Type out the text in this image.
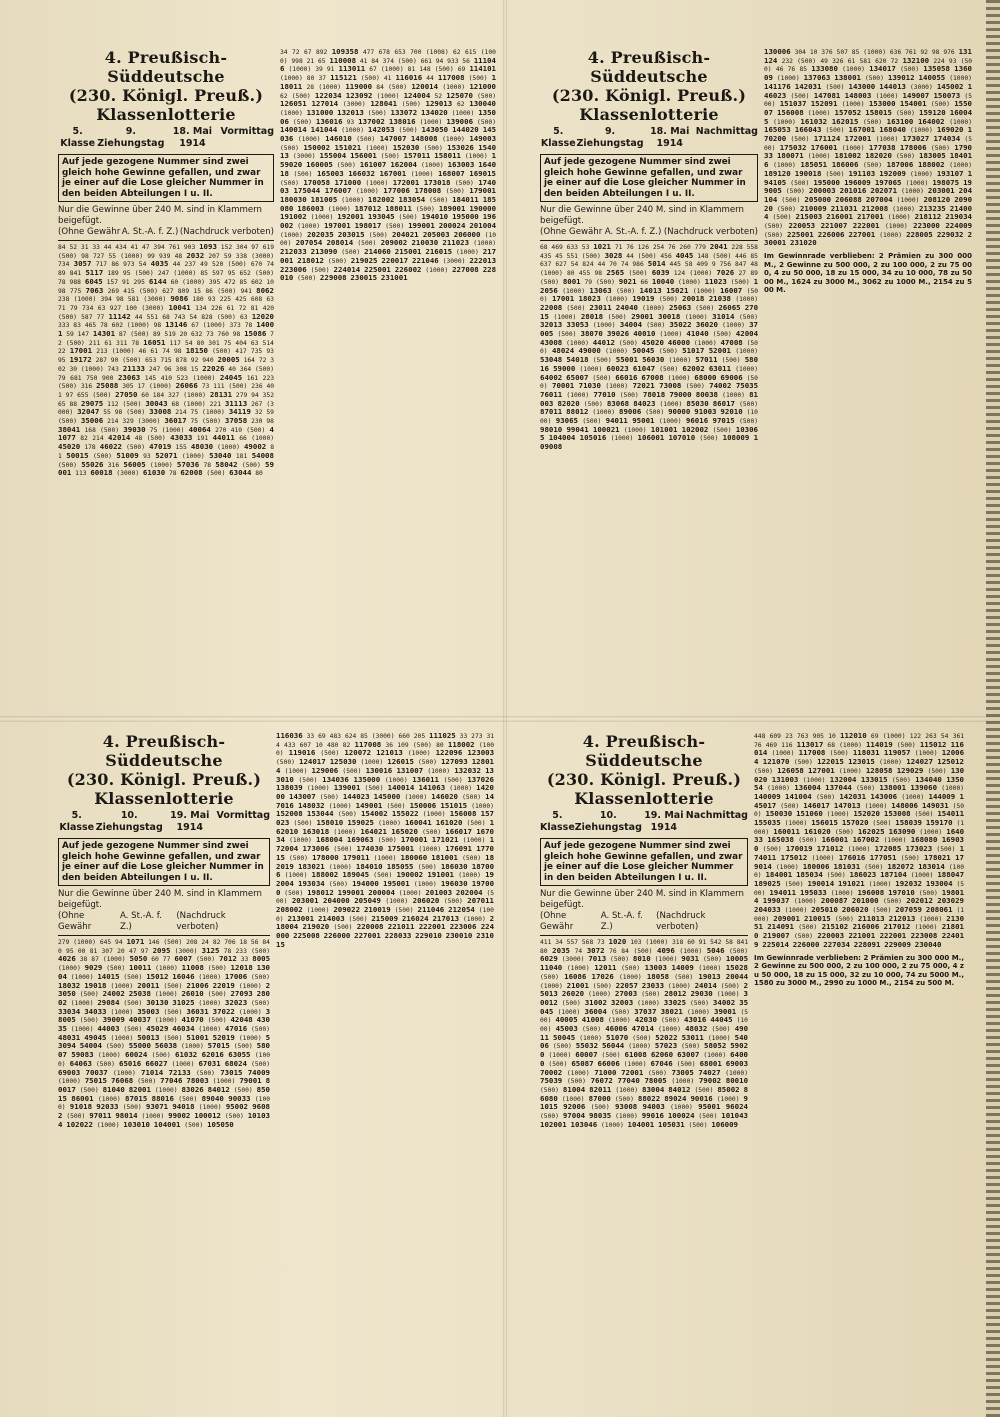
4. Preußisch-Süddeutsche

(230. Königl. Preuß.) Klassenlotterie

5. Klasse
9. Ziehungstag
18. Mai 1914
Vormittag
Auf jede gezogene Nummer sind zwei gleich hohe Gewinne gefallen, und zwar je einer auf die Lose gleicher Nummer in den beiden Abteilungen I u. II.
Nur die Gewinne über 240 M. sind in Klammern beigefügt.
(Ohne Gewähr A. St.-A. f. Z.) (Nachdruck verboten)

84 52 31 33 44 434 41 47 394 761 903 1093 152 304 97 619 (500) 98 727 55 (1000) 99 939 48 2032 207 59 338 (3000) 734 3057 717 86 973 54 4035 44 237 49 520 (500) 670 74 89 841 5117 189 95 (500) 247 (1000) 85 597 95 652 (500) 78 988 6045 157 91 295 6144 60 (1000) 395 472 85 602 10 98 775 7063 269 415 (500) 627 809 15 86 (500) 941 8062 238 (1000) 394 98 581 (3000) 9086 180 93 225 425 608 63 71 79 734 63 927 100 (3000) 10041 134 226 61 72 81 420 (500) 587 77 11142 44 551 68 743 54 828 (500) 63 12020 333 83 465 78 602 (1000) 98 13146 67 (1000) 373 78 14001 59 147 14301 87 (500) 89 519 20 632 73 760 98 15086 72 (500) 211 61 311 78 16051 117 54 80 301 75 404 63 514 22 17001 213 (1000) 46 61 74 98 18150 (500) 417 735 93 95 19172 287 90 (500) 653 715 878 92 940 20005 164 72 302 30 (1000) 743 21133 247 96 308 15 22026 40 364 (500) 79 681 750 900 23063 145 410 523 (1000) 24045 161 223 (500) 316 25088 305 17 (1000) 26066 73 111 (500) 236 401 97 655 (500) 27050 60 184 327 (1000) 28131 279 94 352 65 88 29075 112 (500) 30043 68 (1000) 221 31113 267 (3000) 32047 55 98 (500) 33008 214 75 (1000) 34119 32 59 (500) 35006 214 329 (3000) 36017 75 (500) 37058 230 98 38041 168 (500) 39030 75 (1000) 40064 270 410 (500) 41077 82 214 42014 48 (500) 43033 191 44011 66 (1000) 45020 178 46022 (500) 47019 155 48030 (1000) 49002 81 50015 (500) 51009 93 52071 (1000) 53040 181 54008 (500) 55026 316 56005 (1000) 57036 78 58042 (500) 59001 113 60018 (3000) 61030 78 62008 (500) 63044 80

34 72 67 892 109358 477 678 653 700 (1008) 62 615 (1000) 998 21 65 110008 41 84 374 (500) 661 94 933 56 111046 (1000) 39 91 113011 67 (1000) 81 148 (500) 69 114101 (1000) 80 37 115121 (500) 41 116016 44 117008 (500) 118011 28 (1000) 119000 84 (500) 120014 (1000) 121000 62 (500) 122034 123092 (1000) 124004 52 125070 (500) 126051 127014 (3000) 128041 (500) 129013 62 130040 (1000) 131000 132013 (500) 133072 134020 (1000) 135006 (500) 136016 93 137002 138016 (1000) 139006 (500) 140014 141044 (1000) 142053 (500) 143050 144020 145036 (1000) 146010 (500) 147007 148008 (1000) 149003 (500) 150002 151021 (1000) 152030 (500) 153026 154013 (3000) 155004 156001 (500) 157011 158011 (1000) 159020 160005 (500) 161007 162004 (1000) 163003 164018 (500) 165003 166032 167001 (1000) 168007 169015 (500) 170058 171000 (1000) 172001 173018 (500) 174003 175044 176007 (1000) 177006 178008 (500) 179001 180030 181005 (1000) 182002 183054 (500) 184011 185080 186003 (1000) 187012 188011 (500) 189001 190000 191002 (1000) 192001 193045 (500) 194010 195000 196002 (1000) 197001 198017 (500) 199001 200024 201004 (1000) 202035 203015 (500) 204021 205003 206000 (1000) 207054 208014 (500) 209002 210030 211023 (1000) 212033 213090 (500) 214060 215001 216015 (1000) 217001 218012 (500) 219025 220017 221046 (3000) 222013 223006 (500) 224014 225001 226002 (1000) 227008 228010 (500) 229008 230015 231001

4. Preußisch-Süddeutsche

(230. Königl. Preuß.) Klassenlotterie

5. Klasse
9. Ziehungstag
18. Mai 1914
Nachmittag
Auf jede gezogene Nummer sind zwei gleich hohe Gewinne gefallen, und zwar je einer auf die Lose gleicher Nummer in den beiden Abteilungen I u. II.
Nur die Gewinne über 240 M. sind in Klammern beigefügt.
(Ohne Gewähr A. St.-A. f. Z.) (Nachdruck verboten)

68 469 633 53 1021 71 76 126 254 76 260 779 2041 228 558 435 45 551 (500) 3028 44 (500) 456 4045 148 (500) 446 85 637 627 54 824 44 70 74 986 5014 445 58 409 9 756 847 48 (1000) 80 455 98 2565 (500) 6039 124 (1000) 7026 27 89 (500) 8001 79 (500) 9021 66 10040 (1000) 11023 (500) 12056 (1000) 13063 (500) 14013 15021 (1000) 16007 (500) 17001 18023 (1000) 19019 (500) 20018 21038 (1000) 22008 (500) 23011 24040 (1000) 25063 (500) 26065 27015 (1000) 28018 (500) 29001 30018 (1000) 31014 (500) 32013 33053 (1000) 34004 (500) 35022 36020 (1000) 37005 (500) 38070 39026 40010 (1000) 41040 (500) 42004 43008 (1000) 44012 (500) 45020 46000 (1000) 47008 (500) 48024 49000 (1000) 50045 (500) 51017 52001 (1000) 53048 54018 (500) 55001 56030 (1000) 57011 (500) 58016 59000 (1000) 60023 61047 (500) 62002 63011 (1000) 64002 65007 (500) 66016 67008 (1000) 68000 69006 (500) 70001 71030 (1000) 72021 73008 (500) 74002 75035 76011 (1000) 77010 (500) 78018 79000 80038 (1000) 81003 82020 (500) 83068 84023 (1000) 85030 86017 (500) 87011 88012 (1000) 89006 (500) 90000 91003 92010 (1000) 93065 (500) 94011 95001 (1000) 96016 97015 (500) 98010 99041 100021 (1000) 101001 102002 (500) 103065 104004 105016 (1000) 106001 107010 (500) 108009 109008

130006 304 10 376 507 85 (1000) 636 761 92 98 976 131124 232 (500) 49 326 61 581 620 72 132100 224 93 (500) 46 76 85 133080 (1000) 134017 (500) 135058 136009 (1000) 137063 138001 (500) 139012 140055 (1000) 141176 142031 (500) 143000 144013 (3000) 145002 146023 (500) 147081 148003 (1000) 149007 150073 (500) 151037 152091 (1000) 153000 154001 (500) 155007 156008 (1000) 157052 158015 (500) 159120 160045 (1000) 161032 162015 (500) 163100 164002 (1000) 165053 166043 (500) 167001 168040 (1000) 169020 170200 (500) 171124 172001 (1000) 173027 174034 (500) 175032 176001 (1000) 177038 178006 (500) 179033 180071 (1000) 181002 182020 (500) 183005 184016 (1000) 185051 186006 (500) 187006 188002 (1000) 189120 190018 (500) 191103 192009 (1000) 193107 194105 (500) 195000 196009 197065 (1000) 198075 199005 (500) 200003 201016 202071 (1000) 203001 204104 (500) 205000 206088 207004 (1000) 208120 209020 (500) 210009 211031 212008 (1000) 213235 214004 (500) 215003 216001 217001 (1000) 218112 219034 (500) 220053 221007 222001 (1000) 223000 224009 (500) 225001 226006 227001 (1000) 228005 229032 230001 231020

Im Gewinnrade verblieben: 2 Prämien zu 300 000 M., 2 Gewinne zu 500 000, 2 zu 100 000, 2 zu 75 000, 4 zu 50 000, 18 zu 15 000, 34 zu 10 000, 78 zu 5000 M., 1624 zu 3000 M., 3062 zu 1000 M., 2154 zu 500 M.

4. Preußisch-Süddeutsche

(230. Königl. Preuß.) Klassenlotterie

5. Klasse
10. Ziehungstag
19. Mai 1914
Vormittag
Auf jede gezogene Nummer sind zwei gleich hohe Gewinne gefallen, und zwar je einer auf die Lose gleicher Nummer in den beiden Abteilungen I u. II.
Nur die Gewinne über 240 M. sind in Klammern beigefügt.
(Ohne Gewähr
A. St.-A. f. Z.)
(Nachdruck verboten)

279 (1000) 645 94 1071 146 (500) 208 24 82 706 18 56 840 95 00 81 307 20 47 97 2095 (3000) 3125 78 233 (500) 4026 38 87 (1000) 5050 60 77 6007 (500) 7012 33 8005 (1000) 9029 (500) 10011 (1000) 11008 (500) 12018 13004 (1000) 14015 (500) 15012 16046 (1000) 17006 (500) 18032 19018 (1000) 20011 (500) 21006 22019 (1000) 23050 (500) 24002 25038 (1000) 26010 (500) 27093 28002 (1000) 29084 (500) 30130 31025 (1000) 32023 (500) 33034 34033 (1000) 35003 (500) 36031 37022 (1000) 38005 (500) 39009 40037 (1000) 41070 (500) 42048 43035 (1000) 44003 (500) 45029 46034 (1000) 47016 (500) 48031 49045 (1000) 50013 (500) 51001 52019 (1000) 53094 54004 (500) 55000 56038 (1000) 57015 (500) 58007 59083 (1000) 60024 (500) 61032 62016 63055 (1000) 64063 (500) 65016 66027 (1000) 67031 68024 (500) 69003 70037 (1000) 71014 72133 (500) 73015 74009 (1000) 75015 76068 (500) 77046 78003 (1000) 79001 80017 (500) 81040 82001 (1000) 83026 84012 (500) 85015 86001 (1000) 87015 88016 (500) 89040 90033 (1000) 91018 92033 (500) 93071 94018 (1000) 95002 96082 (500) 97011 98014 (1000) 99002 100012 (500) 101034 102022 (1000) 103010 104001 (500) 105050

116036 33 69 483 624 85 (3000) 660 205 111025 33 273 314 433 607 10 480 82 117008 36 109 (500) 80 118002 (1000) 119016 (500) 120072 121013 (1000) 122096 123003 (500) 124017 125030 (1000) 126015 (500) 127093 128014 (1000) 129006 (500) 130016 131007 (1000) 132032 133010 (500) 134036 135000 (1000) 136011 (500) 137026 138039 (1000) 139001 (500) 140014 141063 (1000) 142000 143007 (500) 144023 145000 (1000) 146020 (500) 147016 148032 (1000) 149001 (500) 150006 151015 (1000) 152008 153044 (500) 154002 155022 (1000) 156008 157023 (500) 158010 159025 (1000) 160041 161020 (500) 162010 163018 (1000) 164021 165020 (500) 166017 167034 (1000) 168004 169063 (500) 170001 171021 (1000) 172004 173006 (500) 174030 175001 (1000) 176091 177015 (500) 178000 179011 (1000) 180060 181001 (500) 182019 183021 (1000) 184010 185055 (500) 186030 187006 (1000) 188002 189045 (500) 190002 191001 (1000) 192004 193034 (500) 194000 195001 (1000) 196030 197000 (500) 198012 199001 200004 (1000) 201003 202004 (500) 203001 204000 205049 (1000) 206020 (500) 207011 208002 (1000) 209022 210019 (500) 211046 212054 (1000) 213001 214003 (500) 215009 216024 217013 (1000) 218004 219020 (500) 220008 221011 222001 223006 224000 225008 226000 227001 228033 229010 230010 231015

4. Preußisch-Süddeutsche

(230. Königl. Preuß.) Klassenlotterie

5. Klasse
10. Ziehungstag
19. Mai 1914
Nachmittag
Auf jede gezogene Nummer sind zwei gleich hohe Gewinne gefallen, und zwar je einer auf die Lose gleicher Nummer in den beiden Abteilungen I u. II.
Nur die Gewinne über 240 M. sind in Klammern beigefügt.
(Ohne Gewähr
A. St.-A. f. Z.)
(Nachdruck verboten)

411 34 557 568 73 1020 103 (1000) 318 60 91 542 58 841 80 2035 74 3072 76 84 (500) 4096 (1000) 5046 (500) 6029 (3000) 7013 (500) 8010 (1000) 9031 (500) 10005 11040 (1000) 12011 (500) 13003 14009 (1000) 15028 (500) 16086 17026 (1000) 18058 (500) 19013 20044 (1000) 21001 (500) 22057 23033 (1000) 24014 (500) 25013 26020 (1000) 27003 (500) 28012 29030 (1000) 30012 (500) 31002 32003 (1000) 33025 (500) 34002 35045 (1000) 36004 (500) 37037 38021 (1000) 39001 (500) 40005 41008 (1000) 42030 (500) 43016 44045 (1000) 45003 (500) 46006 47014 (1000) 48032 (500) 49011 50045 (1000) 51070 (500) 52022 53011 (1000) 54006 (500) 55032 56044 (1000) 57023 (500) 58052 59020 (1000) 60007 (500) 61008 62060 63007 (1000) 64000 (500) 65087 66006 (1000) 67046 (500) 68001 69003 70002 (1000) 71000 72001 (500) 73005 74027 (1000) 75039 (500) 76072 77040 78005 (1000) 79002 80010 (500) 81004 82011 (1000) 83004 84012 (500) 85002 86080 (1000) 87000 (500) 88022 89024 90016 (1000) 91015 92006 (500) 93008 94003 (1000) 95001 96024 (500) 97004 98035 (1000) 99016 100024 (500) 101043 102001 103046 (1000) 104001 105031 (500) 106009

448 609 23 763 905 10 112010 69 (1000) 122 263 54 361 76 469 116 113017 68 (1000) 114019 (500) 115012 116014 (1000) 117008 (500) 118031 119057 (1000) 120064 121070 (500) 122015 123015 (1000) 124027 125012 (500) 126058 127001 (1000) 128058 129029 (500) 130020 131003 (1000) 132004 133015 (500) 134040 135054 (1000) 136004 137044 (500) 138001 139060 (1000) 140009 141004 (500) 142031 143006 (1000) 144009 145017 (500) 146017 147013 (1000) 148006 149031 (500) 150030 151060 (1000) 152020 153008 (500) 154011 155035 (1000) 156015 157020 (500) 158039 159170 (1000) 160011 161020 (500) 162025 163090 (1000) 164033 165038 (500) 166001 167002 (1000) 168080 169030 (500) 170019 171012 (1000) 172085 173023 (500) 174011 175012 (1000) 176016 177051 (500) 178021 179014 (1000) 180006 181031 (500) 182072 183014 (1000) 184001 185034 (500) 186023 187104 (1000) 188047 189025 (500) 190014 191021 (1000) 192032 193004 (500) 194011 195033 (1000) 196008 197010 (500) 198014 199037 (1000) 200087 201000 (500) 202012 203029 204033 (1000) 205010 206020 (500) 207059 208061 (1000) 209001 210015 (500) 211013 212013 (1000) 213051 214091 (500) 215102 216006 217012 (1000) 218010 219007 (500) 220003 221001 222001 223008 224019 225014 226000 227034 228091 229009 230040

Im Gewinnrade verblieben: 2 Prämien zu 300 000 M., 2 Gewinne zu 500 000, 2 zu 100 000, 2 zu 75 000, 4 zu 50 000, 18 zu 15 000, 32 zu 10 000, 74 zu 5000 M., 1580 zu 3000 M., 2990 zu 1000 M., 2154 zu 500 M.
